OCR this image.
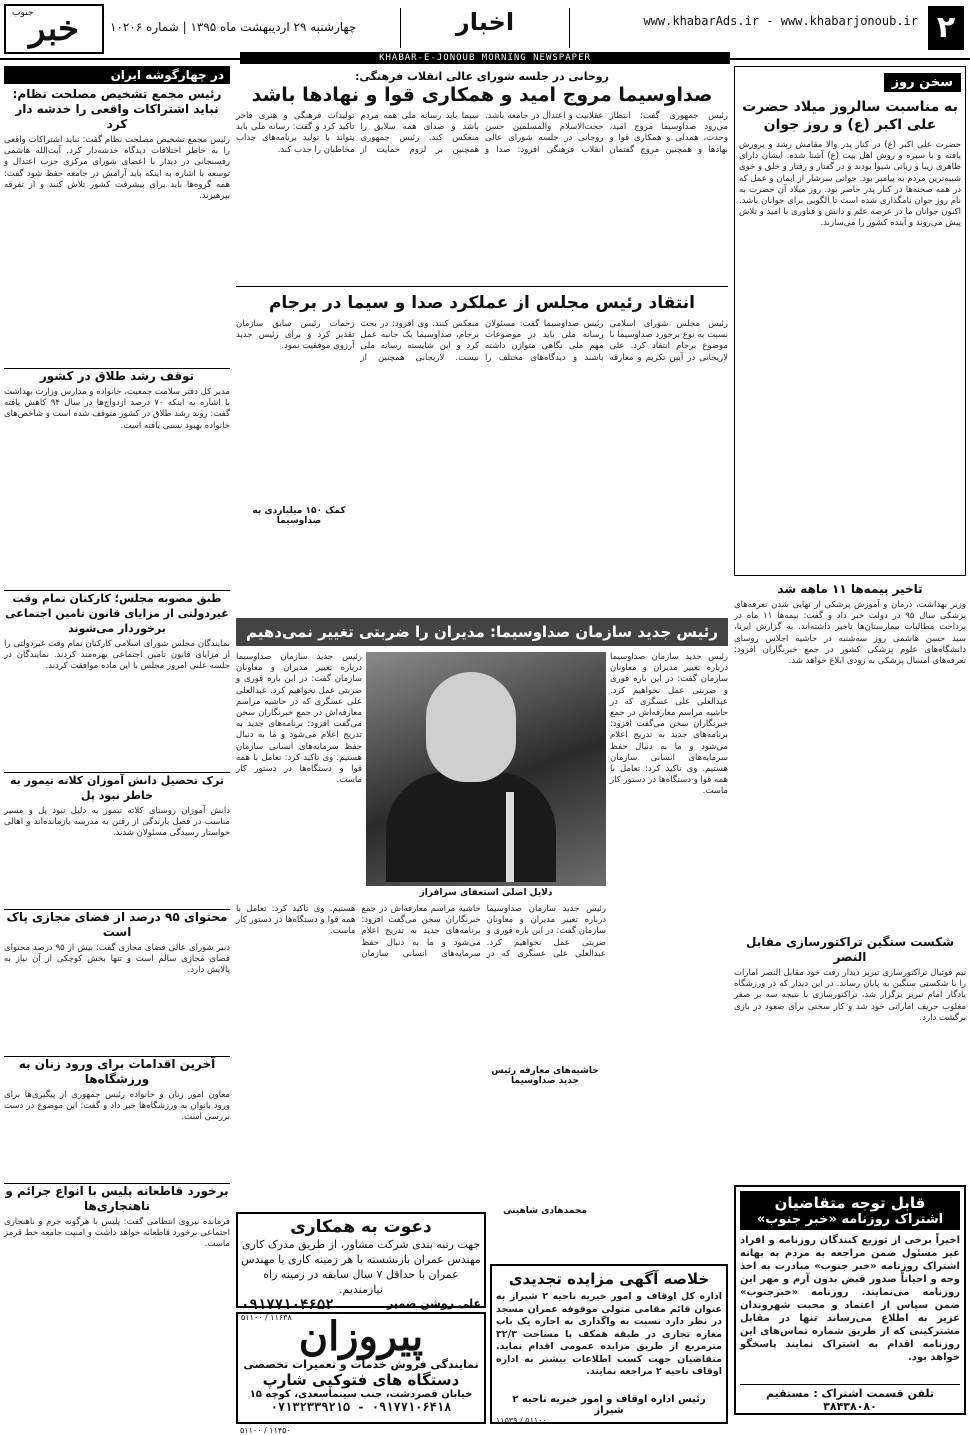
۲
www.khabarAds.ir - www.khabarjonoub.ir
اخبار
چهارشنبه ۲۹ اردیبهشت ماه ۱۳۹۵ | شماره ۱۰۲۰۶
خبر
جنوب
KHABAR-E-JONOUB MORNING NEWSPAPER
سخن روز
به مناسبت سالروز میلاد حضرت علی اکبر (ع) و روز جوان
حضرت علی اکبر (ع) در کنار پدر والا مقامش رشد و پرورش یافته و با سیره و روش اهل بیت (ع) آشنا شده. ایشان دارای ظاهری زیبا و زبانی شیوا بودند و در گفتار و رفتار و خلق و خوی شبیه‌ترین مردم به پیامبر بود. جوانی سرشار از ایمان و عمل که در همه صحنه‌ها در کنار پدر حاضر بود. روز میلاد آن حضرت به نام روز جوان نامگذاری شده است تا الگویی برای جوانان باشد. اکنون جوانان ما در عرصه علم و دانش و فناوری با امید و تلاش پیش می‌روند و آینده کشور را می‌سازند.
تاخیر بیمه‌ها ۱۱ ماهه شد
وزیر بهداشت، درمان و آموزش پزشکی از نهایی شدن تعرفه‌های پزشکی سال ۹۵ در دولت خبر داد و گفت: بیمه‌ها ۱۱ ماه در پرداخت مطالبات بیمارستان‌ها تاخیر داشته‌اند. به گزارش ایرنا، سید حسن هاشمی روز سه‌شنبه در حاشیه اجلاس روسای دانشگاه‌های علوم پزشکی کشور در جمع خبرنگاران افزود: تعرفه‌های امسال پزشکی به زودی ابلاغ خواهد شد.
شکست سنگین تراکتورسازی مقابل النصر
تیم فوتبال تراکتورسازی تبریز دیدار رفت خود مقابل النصر امارات را با شکستی سنگین به پایان رساند. در این دیدار که در ورزشگاه یادگار امام تبریز برگزار شد، تراکتورسازی با نتیجه سه بر صفر مغلوب حریف اماراتی خود شد و کار سختی برای صعود در بازی برگشت دارد.
قابل توجه متقاضیان
اشتراک روزنامه «خبر جنوب»
اخیراً برخی از توزیع کنندگان روزنامه و افراد غیر مسئول ضمن مراجعه به مردم به بهانه اشتراک روزنامه «خبر جنوب» مبادرت به اخذ وجه و احیاناً صدور قبض بدون آرم و مهر این روزنامه می‌نمایند. روزنامه «خبرجنوب» ضمن سپاس از اعتماد و محبت شهروندان عزیز به اطلاع می‌رساند تنها در مقابل مشترکینی که از طریق شماره تماس‌های این روزنامه اقدام به اشتراک نمایند پاسخگو خواهد بود.
تلفن قسمت اشتراک : مستقیم ۳۸۴۳۸۰۸۰
در چهارگوشه ایران
رئیس مجمع تشخیص مصلحت نظام: نباید اشتراکات واقعی را خدشه دار کرد
رئیس مجمع تشخیص مصلحت نظام گفت: نباید اشتراکات واقعی را به خاطر اختلافات دیدگاه خدشه‌دار کرد. آیت‌الله هاشمی رفسنجانی در دیدار با اعضای شورای مرکزی حزب اعتدال و توسعه با اشاره به اینکه باید آرامش در جامعه حفظ شود گفت: همه گروه‌ها باید برای پیشرفت کشور تلاش کنند و از تفرقه بپرهیزند.
توقف رشد طلاق در کشور
مدیر کل دفتر سلامت جمعیت، خانواده و مدارس وزارت بهداشت با اشاره به اینکه ۷۰ درصد ازدواج‌ها در سال ۹۴ کاهش یافته گفت: روند رشد طلاق در کشور متوقف شده است و شاخص‌های خانواده بهبود نسبی یافته است.
طبق مصوبه مجلس؛ کارکنان تمام وقت غیردولتی از مزایای قانون تامین اجتماعی برخوردار می‌شوند
نمایندگان مجلس شورای اسلامی کارکنان تمام وقت غیردولتی را از مزایای قانون تامین اجتماعی بهره‌مند کردند. نمایندگان در جلسه علنی امروز مجلس با این ماده موافقت کردند.
ترک تحصیل دانش آموزان کلاته تیمور به خاطر نبود پل
دانش آموزان روستای کلاته تیمور به دلیل نبود پل و مسیر مناسب در فصل بارندگی از رفتن به مدرسه بازمانده‌اند و اهالی خواستار رسیدگی مسئولان شدند.
محتوای ۹۵ درصد از فضای مجازی پاک است
دبیر شورای عالی فضای مجازی گفت: بیش از ۹۵ درصد محتوای فضای مجازی سالم است و تنها بخش کوچکی از آن نیاز به پالایش دارد.
آخرین اقدامات برای ورود زنان به ورزشگاه‌ها
معاون امور زنان و خانواده رئیس جمهوری از پیگیری‌ها برای ورود بانوان به ورزشگاه‌ها خبر داد و گفت: این موضوع در دست بررسی است.
برخورد قاطعانه پلیس با انواع جرائم و ناهنجاری‌ها
فرمانده نیروی انتظامی گفت: پلیس با هرگونه جرم و ناهنجاری اجتماعی برخورد قاطعانه خواهد داشت و امنیت جامعه خط قرمز ماست.
روحانی در جلسه شورای عالی انقلاب فرهنگی:
صداوسیما مروج امید و همکاری قوا و نهادها باشد
رئیس جمهوری گفت: انتظار می‌رود صداوسیما مروج امید، وحدت، همدلی و همکاری قوا و نهادها و همچنین مروج گفتمان عقلانیت و اعتدال در جامعه باشد. حجت‌الاسلام والمسلمین حسن روحانی در جلسه شورای عالی انقلاب فرهنگی افزود: صدا و سیما باید رسانه ملی همه مردم باشد و صدای همه سلایق را منعکس کند. رئیس جمهوری همچنین بر لزوم حمایت از تولیدات فرهنگی و هنری فاخر تاکید کرد و گفت: رسانه ملی باید بتواند با تولید برنامه‌های جذاب مخاطبان را جذب کند.
انتقاد رئیس مجلس از عملکرد صدا و سیما در برجام
رئیس مجلس شورای اسلامی نسبت به نوع برخورد صداوسیما با موضوع برجام انتقاد کرد. علی لاریجانی در آیین تکریم و معارفه رئیس صداوسیما گفت: مسئولان رسانه ملی باید در موضوعات مهم ملی نگاهی متوازن داشته باشند و دیدگاه‌های مختلف را منعکس کنند. وی افزود: در بحث برجام، صداوسیما یک جانبه عمل کرد و این شایسته رسانه ملی نیست. لاریجانی همچنین از زحمات رئیس سابق سازمان تقدیر کرد و برای رئیس جدید آرزوی موفقیت نمود.
کمک ۱۵۰ میلیاردی به صداوسیما
رئیس جدید سازمان صداوسیما: مدیران را ضربتی تغییر نمی‌دهیم
رئیس جدید سازمان صداوسیما درباره تغییر مدیران و معاونان سازمان گفت: در این باره فوری و ضربتی عمل نخواهیم کرد. عبدالعلی علی عسگری که در حاشیه مراسم معارفه‌اش در جمع خبرنگاران سخن می‌گفت افزود: برنامه‌های جدید به تدریج اعلام می‌شود و ما به دنبال حفظ سرمایه‌های انسانی سازمان هستیم. وی تاکید کرد: تعامل با همه قوا و دستگاه‌ها در دستور کار ماست.
دلایل اصلی استعفای سرافراز
رئیس جدید سازمان صداوسیما درباره تغییر مدیران و معاونان سازمان گفت: در این باره فوری و ضربتی عمل نخواهیم کرد. عبدالعلی علی عسگری که در حاشیه مراسم معارفه‌اش در جمع خبرنگاران سخن می‌گفت افزود: برنامه‌های جدید به تدریج اعلام می‌شود و ما به دنبال حفظ سرمایه‌های انسانی سازمان هستیم. وی تاکید کرد: تعامل با همه قوا و دستگاه‌ها در دستور کار ماست.
رئیس جدید سازمان صداوسیما درباره تغییر مدیران و معاونان سازمان گفت: در این باره فوری و ضربتی عمل نخواهیم کرد. عبدالعلی علی عسگری که در حاشیه مراسم معارفه‌اش در جمع خبرنگاران سخن می‌گفت افزود: برنامه‌های جدید به تدریج اعلام می‌شود و ما به دنبال حفظ سرمایه‌های انسانی سازمان هستیم. وی تاکید کرد: تعامل با همه قوا و دستگاه‌ها در دستور کار ماست.
حاشیه‌های معارفه رئیس جدید صداوسیما
محمدهادی شاهینی
دعوت به همکاری
جهت رتبه بندی شرکت مشاور، از طریق مدرک کاری
مهندس عمران بازنشسته با هر زمینه کاری یا مهندس
عمران با حداقل ۷ سال سابقه در زمینه راه نیازمندیم.
علی روشن ضمیر
۰۹۱۷۷۱۰۴۶۵۲
۱۱۶۳۸ / ۵۱۱۰۰
خلاصه آگهی مزایده تجدیدی
اداره کل اوقاف و امور خیریه ناحیه ۲ شیراز به عنوان قائم مقامی متولی موقوفه عمران مسجد در نظر دارد نسبت به واگذاری به اجاره یک باب مغازه تجاری در طبقه همکف با مساحت ۳۲/۳ مترمربع از طریق مزایده عمومی اقدام نماید. متقاضیان جهت کسب اطلاعات بیشتر به اداره اوقاف ناحیه ۲ مراجعه نمایند.
رئیس اداره اوقاف و امور خیریه ناحیه ۲ شیراز
۵۱۱۰۰ / ۱۱۵۳۹
پیروزان
نمایندگی فروش خدمات و تعمیرات تخصصی
دستگاه های فتوکپی شارپ
خیابان قصردشت، جنب سینماسعدی، کوچه ۱۵
۰۷۱۳۲۳۳۹۲۱۵ - ۰۹۱۷۷۱۰۶۴۱۸
۱۱۴۵۰ / ۵۱۱۰۰
